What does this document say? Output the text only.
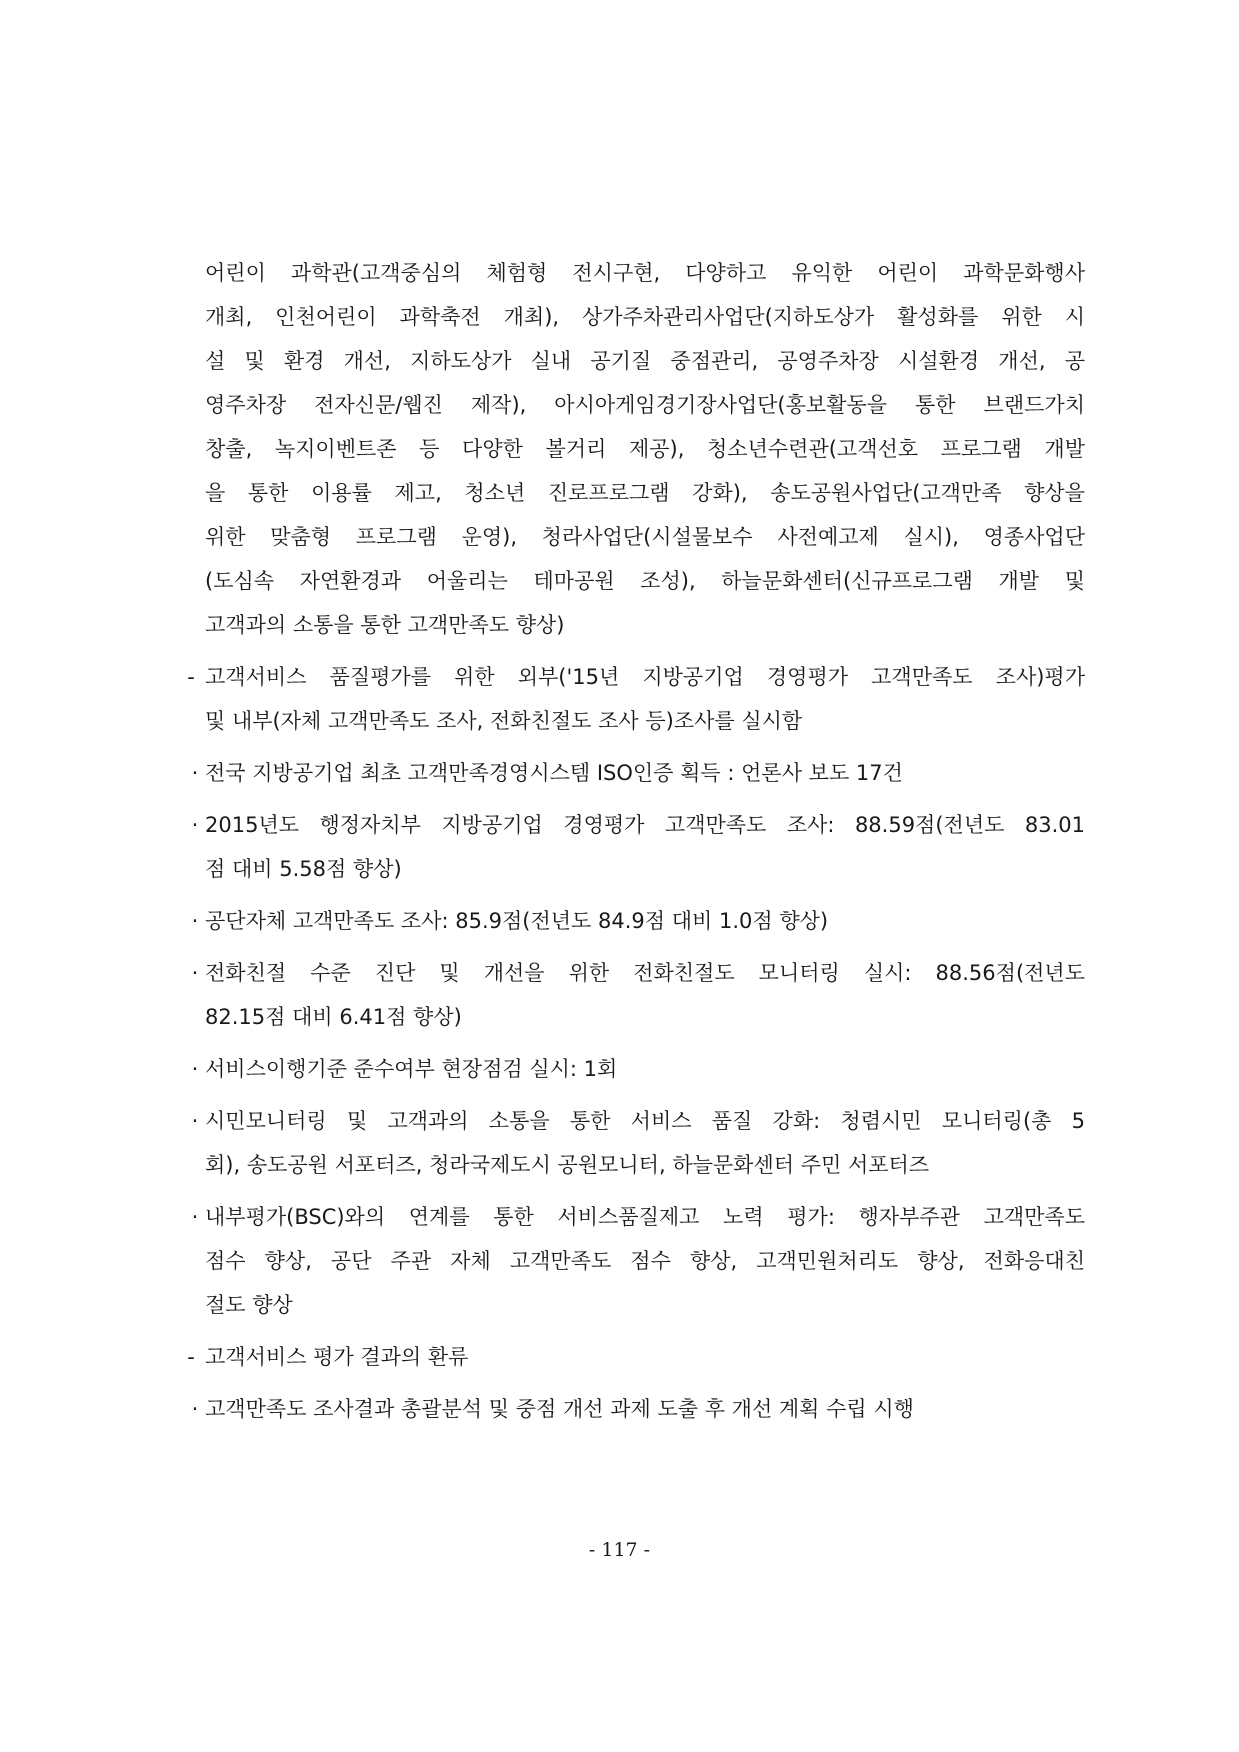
어린이 과학관(고객중심의 체험형 전시구현, 다양하고 유익한 어린이 과학문화행사
개최, 인천어린이 과학축전 개최), 상가주차관리사업단(지하도상가 활성화를 위한 시
설 및 환경 개선, 지하도상가 실내 공기질 중점관리, 공영주차장 시설환경 개선, 공
영주차장 전자신문/웹진 제작), 아시아게임경기장사업단(홍보활동을 통한 브랜드가치
창출, 녹지이벤트존 등 다양한 볼거리 제공), 청소년수련관(고객선호 프로그램 개발
을 통한 이용률 제고, 청소년 진로프로그램 강화), 송도공원사업단(고객만족 향상을
위한 맞춤형 프로그램 운영), 청라사업단(시설물보수 사전예고제 실시), 영종사업단
(도심속 자연환경과 어울리는 테마공원 조성), 하늘문화센터(신규프로그램 개발 및
고객과의 소통을 통한 고객만족도 향상)
- 고객서비스 품질평가를 위한 외부('15년 지방공기업 경영평가 고객만족도 조사)평가
및 내부(자체 고객만족도 조사, 전화친절도 조사 등)조사를 실시함
· 전국 지방공기업 최초 고객만족경영시스템 ISO인증 획득 : 언론사 보도 17건
· 2015년도 행정자치부 지방공기업 경영평가 고객만족도 조사: 88.59점(전년도 83.01
점 대비 5.58점 향상)
· 공단자체 고객만족도 조사: 85.9점(전년도 84.9점 대비 1.0점 향상)
· 전화친절 수준 진단 및 개선을 위한 전화친절도 모니터링 실시: 88.56점(전년도
82.15점 대비 6.41점 향상)
· 서비스이행기준 준수여부 현장점검 실시: 1회
· 시민모니터링 및 고객과의 소통을 통한 서비스 품질 강화: 청렴시민 모니터링(총 5
회), 송도공원 서포터즈, 청라국제도시 공원모니터, 하늘문화센터 주민 서포터즈
· 내부평가(BSC)와의 연계를 통한 서비스품질제고 노력 평가: 행자부주관 고객만족도
점수 향상, 공단 주관 자체 고객만족도 점수 향상, 고객민원처리도 향상, 전화응대친
절도 향상
- 고객서비스 평가 결과의 환류
· 고객만족도 조사결과 총괄분석 및 중점 개선 과제 도출 후 개선 계획 수립 시행
- 117 -
